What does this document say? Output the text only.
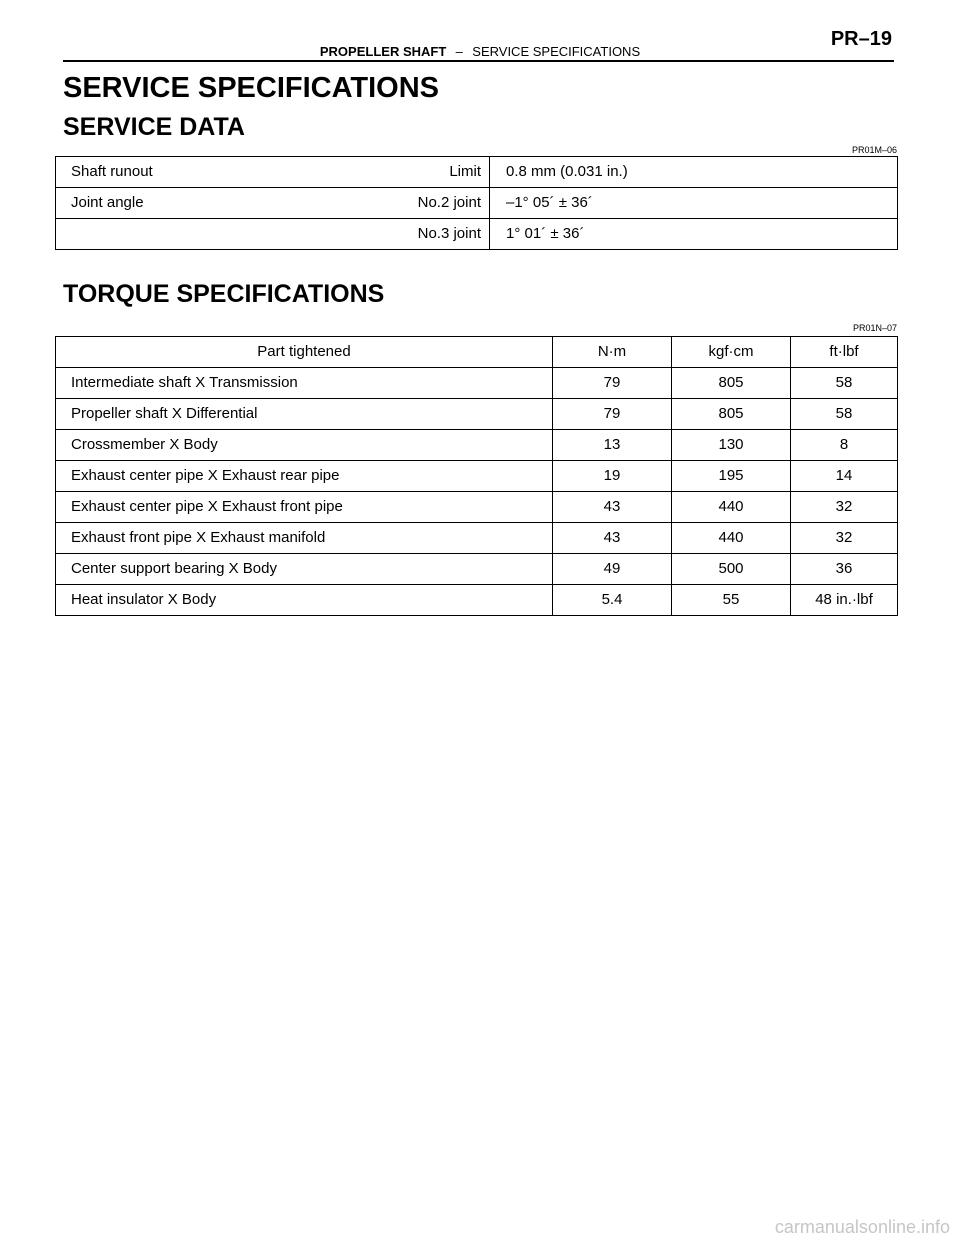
PROPELLER SHAFT – SERVICE SPECIFICATIONS
PR–19
SERVICE SPECIFICATIONS
SERVICE DATA
PR01M–06
Shaft runout	Limit	0.8 mm (0.031 in.)
Joint angle	No.2 joint	–1° 05´ ± 36´
	No.3 joint	1° 01´ ± 36´
TORQUE SPECIFICATIONS
PR01N–07
Part tightened	N·m	kgf·cm	ft·lbf
Intermediate shaft X Transmission	79	805	58
Propeller shaft X Differential	79	805	58
Crossmember X Body	13	130	8
Exhaust center pipe X Exhaust rear pipe	19	195	14
Exhaust center pipe X Exhaust front pipe	43	440	32
Exhaust front pipe X Exhaust manifold	43	440	32
Center support bearing X Body	49	500	36
Heat insulator X Body	5.4	55	48 in.·lbf
carmanualsonline.info
